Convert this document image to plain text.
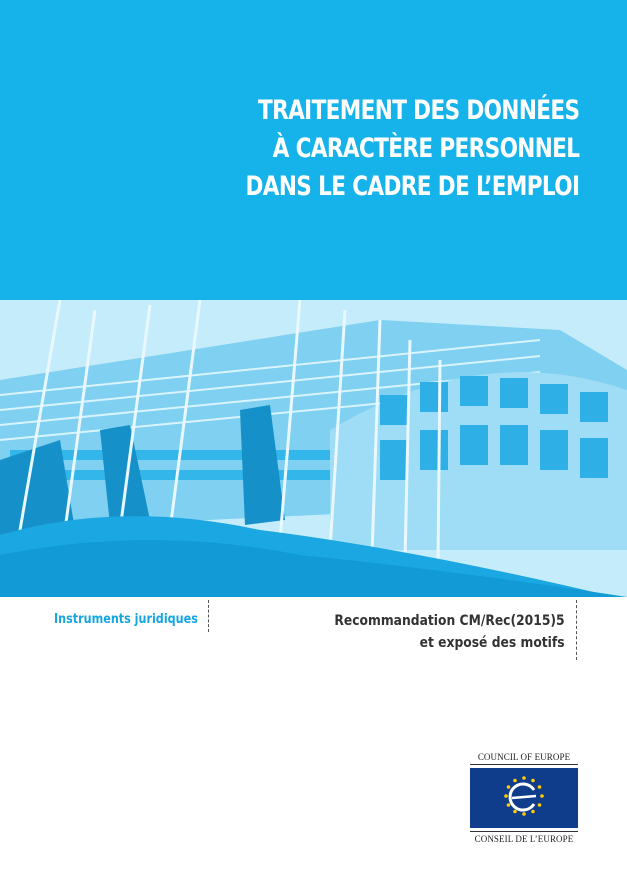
TRAITEMENT DES DONNÉES
À CARACTÈRE PERSONNEL
DANS LE CADRE DE L’EMPLOI
Instruments juridiques	Recommandation CM/Rec(2015)5
et exposé des motifs
COUNCIL OF EUROPE
CONSEIL DE L’EUROPE
